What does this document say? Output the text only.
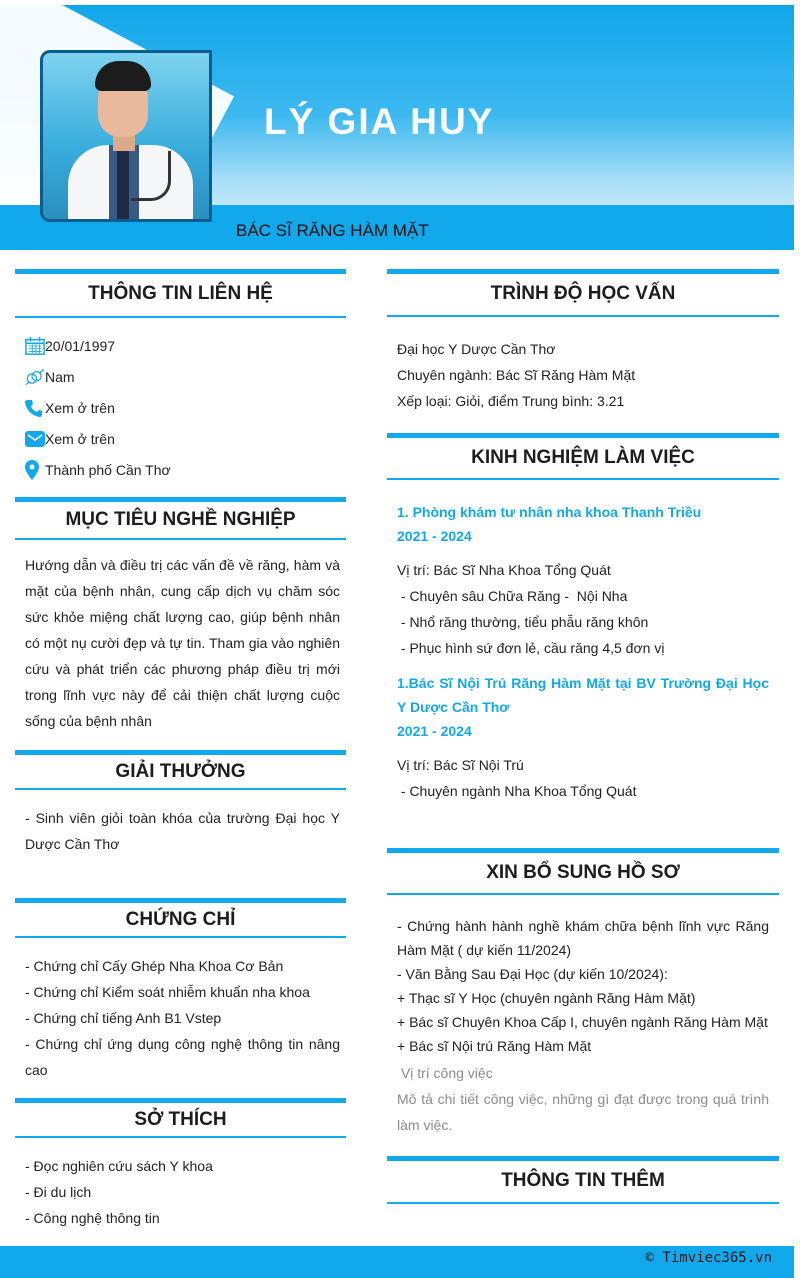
LÝ GIA HUY
BÁC SĨ RĂNG HÀM MẶT
THÔNG TIN LIÊN HỆ
20/01/1997
Nam
Xem ở trên
Xem ở trên
Thành phố Cần Thơ
MỤC TIÊU NGHỀ NGHIỆP
Hướng dẫn và điều trị các vấn đề về răng, hàm và mặt của bệnh nhân, cung cấp dịch vụ chăm sóc sức khỏe miệng chất lượng cao, giúp bệnh nhân có một nụ cười đẹp và tự tin. Tham gia vào nghiên cứu và phát triển các phương pháp điều trị mới trong lĩnh vực này để cải thiện chất lượng cuộc sống của bệnh nhân
GIẢI THƯỞNG
- Sinh viên giỏi toàn khóa của trường Đại học Y Dược Cần Thơ
CHỨNG CHỈ
- Chứng chỉ Cấy Ghép Nha Khoa Cơ Bản
- Chứng chỉ Kiểm soát nhiễm khuẩn nha khoa
- Chứng chỉ tiếng Anh B1 Vstep
- Chứng chỉ ứng dụng công nghệ thông tin nâng cao
SỞ THÍCH
- Đọc nghiên cứu sách Y khoa
- Đi du lịch
- Công nghệ thông tin
TRÌNH ĐỘ HỌC VẤN
Đại học Y Dược Cần Thơ
Chuyên ngành: Bác Sĩ Răng Hàm Mặt
Xếp loại: Giỏi, điểm Trung bình: 3.21
KINH NGHIỆM LÀM VIỆC
1. Phòng khám tư nhân nha khoa Thanh Triều
2021 - 2024
Vị trí: Bác Sĩ Nha Khoa Tổng Quát
- Chuyên sâu Chữa Răng -  Nội Nha
- Nhổ răng thường, tiểu phẫu răng khôn
- Phục hình sứ đơn lẻ, cầu răng 4,5 đơn vị
1.Bác Sĩ Nội Trú Răng Hàm Mặt tại BV Trường Đại Học Y Dược Cần Thơ
2021 - 2024
Vị trí: Bác Sĩ Nội Trú
- Chuyên ngành Nha Khoa Tổng Quát
XIN BỔ SUNG HỒ SƠ
- Chứng hành hành nghề khám chữa bệnh lĩnh vực Răng Hàm Mặt ( dự kiến 11/2024)
- Văn Bằng Sau Đại Học (dự kiến 10/2024):
+ Thạc sĩ Y Học (chuyên ngành Răng Hàm Mặt)
+ Bác sĩ Chuyên Khoa Cấp I, chuyên ngành Răng Hàm Mặt
+ Bác sĩ Nội trú Răng Hàm Mặt
Vị trí công việc
Mô tả chi tiết công việc, những gì đạt được trong quá trình làm việc.
THÔNG TIN THÊM
© Timviec365.vn
